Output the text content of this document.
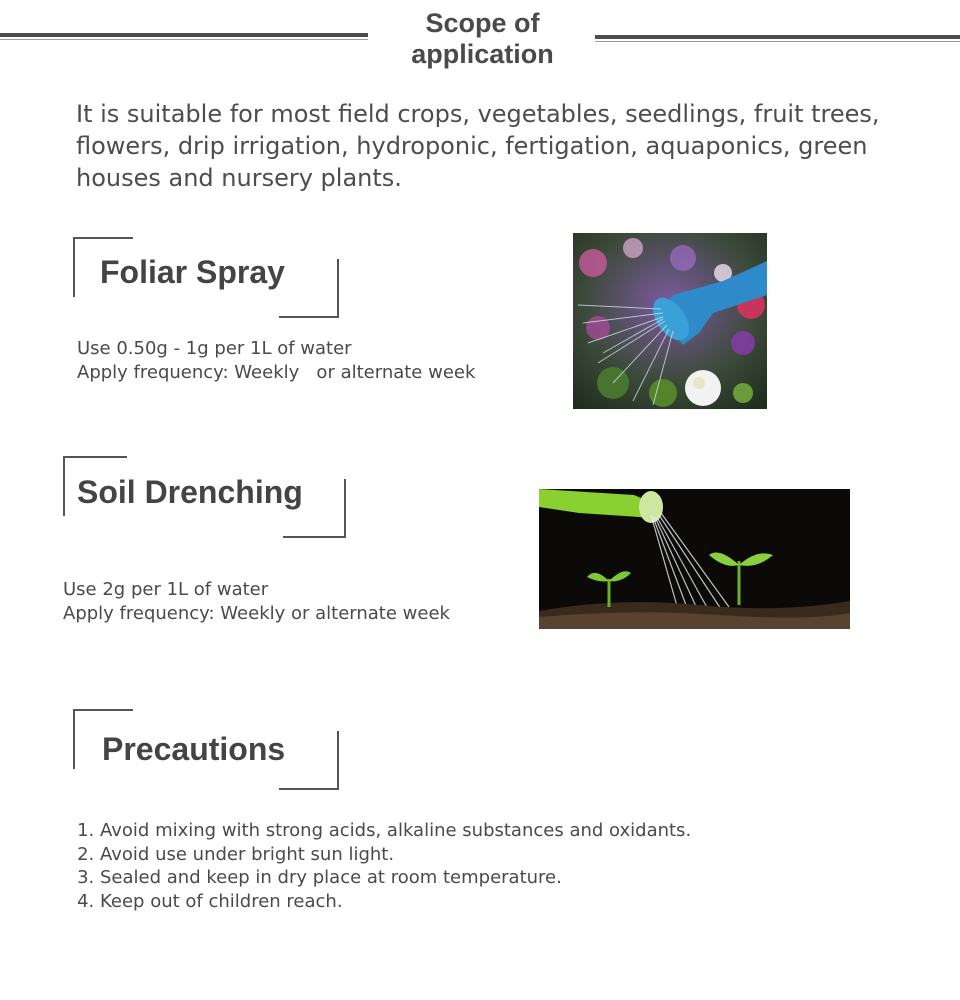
Scope of application
It is suitable for most field crops, vegetables, seedlings, fruit trees, flowers, drip irrigation, hydroponic, fertigation, aquaponics, green houses and nursery plants.
Foliar Spray
Use 0.50g - 1g per 1L of water
Apply frequency: Weekly   or alternate week
Soil Drenching
Use 2g per 1L of water
Apply frequency: Weekly or alternate week
Precautions
1. Avoid mixing with strong acids, alkaline substances and oxidants.
2. Avoid use under bright sun light.
3. Sealed and keep in dry place at room temperature.
4. Keep out of children reach.
